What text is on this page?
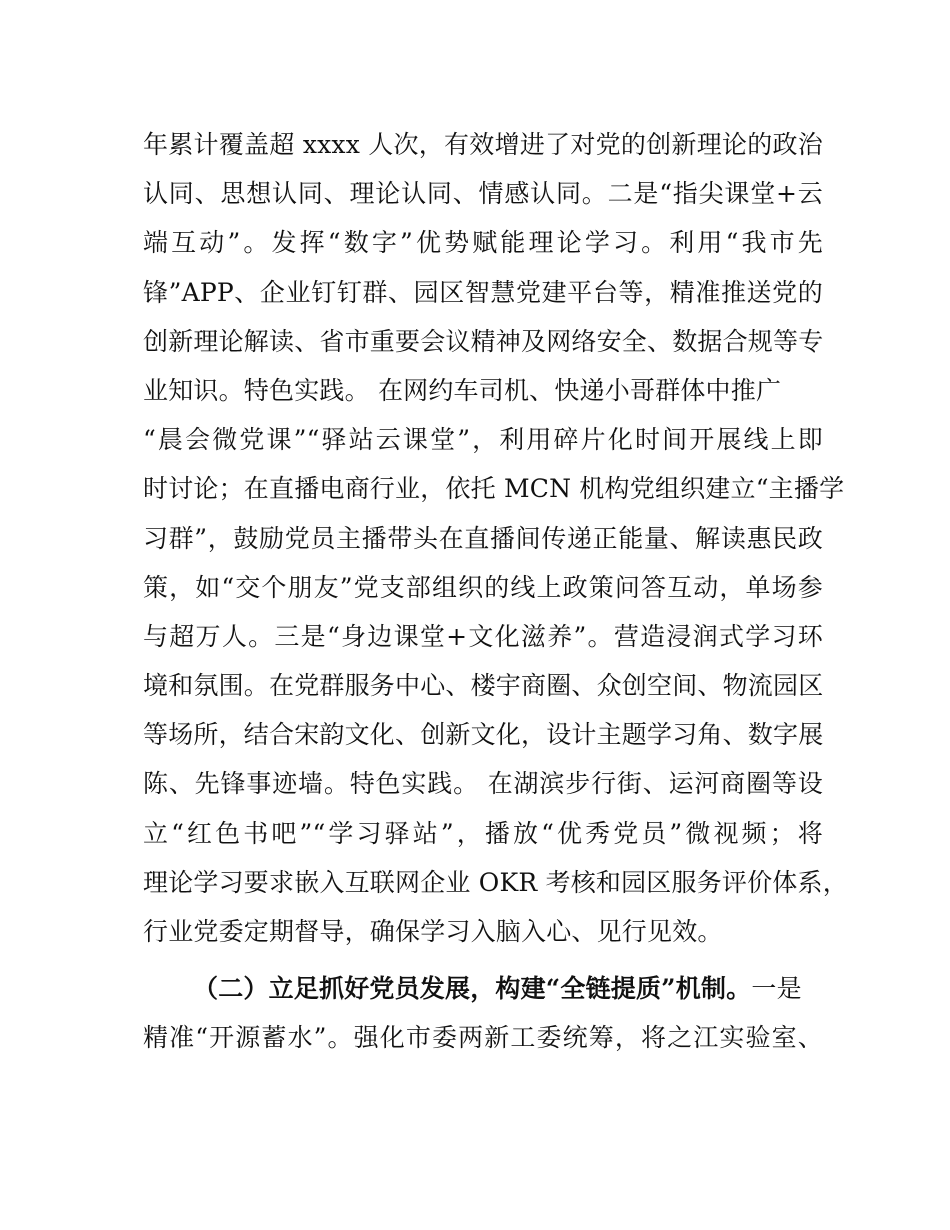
年累计覆盖超 xxxx 人次，有效增进了对党的创新理论的政治
认同、思想认同、理论认同、情感认同。二是“指尖课堂+云
端互动”。发挥“数字”优势赋能理论学习。利用“我市先
锋”APP、企业钉钉群、园区智慧党建平台等，精准推送党的
创新理论解读、省市重要会议精神及网络安全、数据合规等专
业知识。特色实践。 在网约车司机、快递小哥群体中推广
“晨会微党课”“驿站云课堂”，利用碎片化时间开展线上即
时讨论；在直播电商行业，依托 MCN 机构党组织建立“主播学
习群”，鼓励党员主播带头在直播间传递正能量、解读惠民政
策，如“交个朋友”党支部组织的线上政策问答互动，单场参
与超万人。三是“身边课堂+文化滋养”。营造浸润式学习环
境和氛围。在党群服务中心、楼宇商圈、众创空间、物流园区
等场所，结合宋韵文化、创新文化，设计主题学习角、数字展
陈、先锋事迹墙。特色实践。 在湖滨步行街、运河商圈等设
立“红色书吧”“学习驿站”，播放“优秀党员”微视频；将
理论学习要求嵌入互联网企业 OKR 考核和园区服务评价体系，
行业党委定期督导，确保学习入脑入心、见行见效。
（二）立足抓好党员发展，构建“全链提质”机制。一是
精准“开源蓄水”。强化市委两新工委统筹，将之江实验室、
